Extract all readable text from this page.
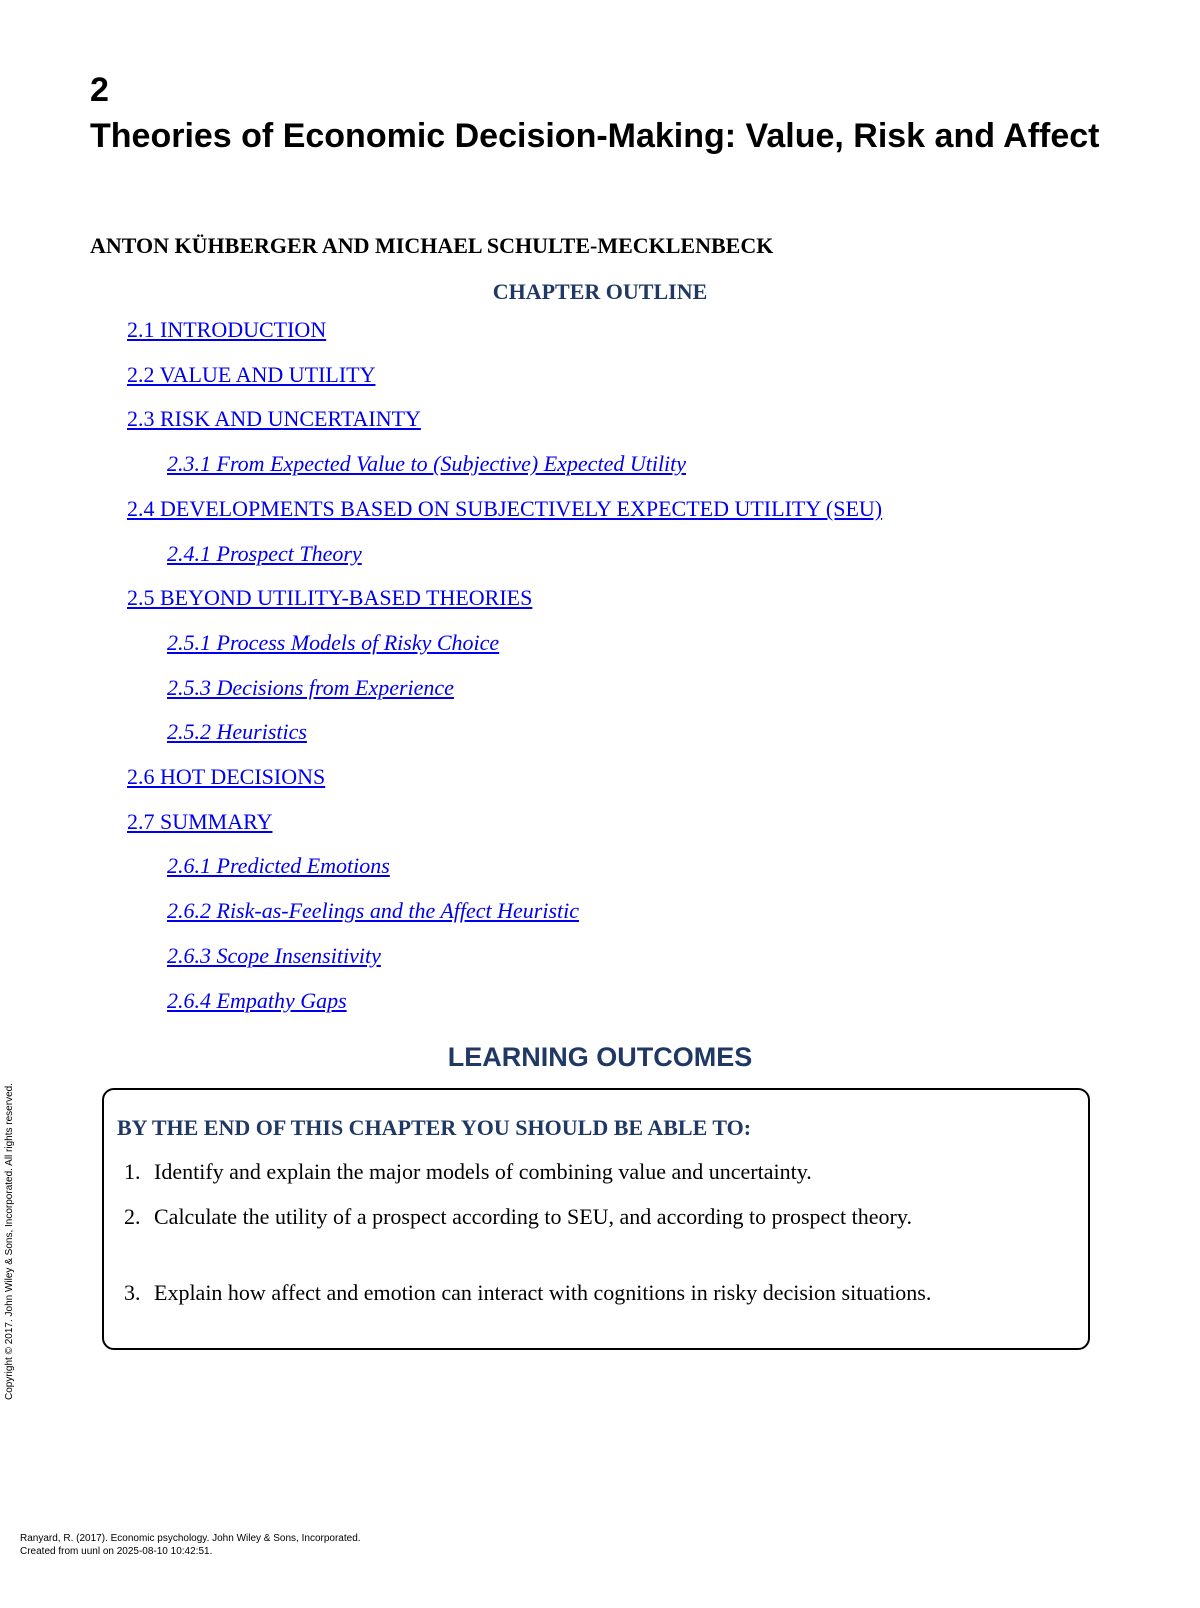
2
Theories of Economic Decision-Making: Value, Risk and Affect
ANTON KÜHBERGER AND MICHAEL SCHULTE-MECKLENBECK
CHAPTER OUTLINE
2.1 INTRODUCTION
2.2 VALUE AND UTILITY
2.3 RISK AND UNCERTAINTY
2.3.1 From Expected Value to (Subjective) Expected Utility
2.4 DEVELOPMENTS BASED ON SUBJECTIVELY EXPECTED UTILITY (SEU)
2.4.1 Prospect Theory
2.5 BEYOND UTILITY-BASED THEORIES
2.5.1 Process Models of Risky Choice
2.5.3 Decisions from Experience
2.5.2 Heuristics
2.6 HOT DECISIONS
2.7 SUMMARY
2.6.1 Predicted Emotions
2.6.2 Risk-as-Feelings and the Affect Heuristic
2.6.3 Scope Insensitivity
2.6.4 Empathy Gaps
LEARNING OUTCOMES
BY THE END OF THIS CHAPTER YOU SHOULD BE ABLE TO:
1. Identify and explain the major models of combining value and uncertainty.
2. Calculate the utility of a prospect according to SEU, and according to prospect theory.
3. Explain how affect and emotion can interact with cognitions in risky decision situations.
Copyright © 2017. John Wiley & Sons, Incorporated. All rights reserved.
Ranyard, R. (2017). Economic psychology. John Wiley & Sons, Incorporated.
Created from uunl on 2025-08-10 10:42:51.
